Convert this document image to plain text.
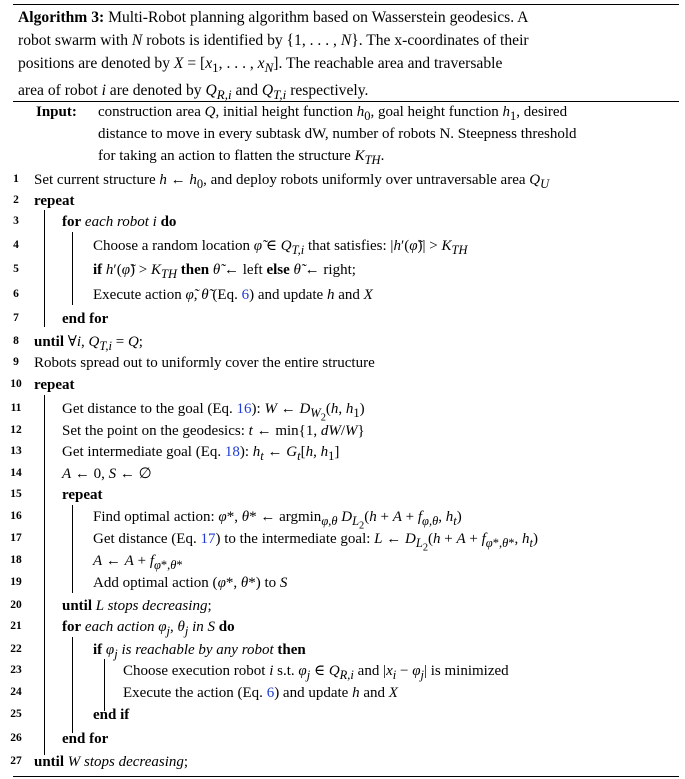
Algorithm 3: Multi-Robot planning algorithm based on Wasserstein geodesics. A

robot swarm with N robots is identified by {1, . . . , N}. The x-coordinates of their

positions are denoted by $X = [x_1$, . . . , $x_N$]. The reachable area and traversable

area of robot i are denoted by $Q_{R,i}$ and $Q_{T,i}$ respectively.

Input: construction area Q, initial height function $h_0$, goal height function $h_1$, desired
distance to move in every subtask dW, number of robots N. Steepness threshold
for taking an action to flatten the structure $K_{TH}$.
1	Set current structure h ← $h_0$, and deploy robots uniformly over untraversable area $Q_U$
2	repeat
3	for each robot i do
4	Choose a random location φ̃ ∈ $Q_{T,i}$ that satisfies: |h′(φ̃)| > $K_{TH}$
5	if h′(φ̃) > $K_{TH}$ then θ̃ ← left else θ̃ ← right;
6	Execute action φ̃, θ̃ (Eq. 6) and update h and X
7	end for
8	until ∀i, $Q_{T,i} = Q$;
9	Robots spread out to uniformly cover the entire structure
10 repeat
11	Get distance to the goal (Eq. 16): W ← $D_{W_2}(h$, $h_1$)
12	Set the point on the geodesics: t ← min{1, dW/W}
13	Get intermediate goal (Eq. 18): $h_t$ ← $G_t[h$, $h_1$]
14	A ← 0, S ← ∅
15	repeat
16	Find optimal action: φ*, θ* ← argmin$_{\varphi,\theta}$ $D_{L_2}(h + A + f_{\varphi,\theta}$, $h_t$)
17	Get distance (Eq. 17) to the intermediate goal: L ← $D_{L_2}(h + A + f_{\varphi*,\theta*}$, $h_t$)
18	A ← $A + f_{\varphi*,\theta*}$
19	Add optimal action (φ*, θ*) to S
20	until L stops decreasing;
21	for each action $\varphi_j$, $\theta_j$ in S do
22	if $\varphi_j$ is reachable by any robot then
23	Choose execution robot i s.t. $\varphi_j$ ∈ $Q_{R,i}$ and $|x_i - \varphi_j|$ is minimized
24	Execute the action (Eq. 6) and update h and X
25	end if
26	end for
27 until W stops decreasing;
